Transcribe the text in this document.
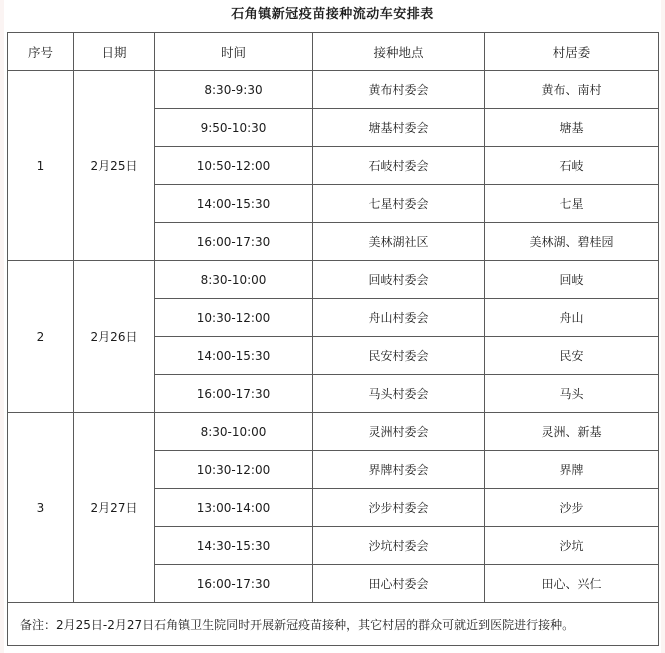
石角镇新冠疫苗接种流动车安排表
序号	日期	时间	接种地点	村居委
1	2月25日	8:30-9:30	黄布村委会	黄布、南村
		9:50-10:30	塘基村委会	塘基
		10:50-12:00	石岐村委会	石岐
		14:00-15:30	七星村委会	七星
		16:00-17:30	美林湖社区	美林湖、碧桂园
2	2月26日	8:30-10:00	回岐村委会	回岐
		10:30-12:00	舟山村委会	舟山
		14:00-15:30	民安村委会	民安
		16:00-17:30	马头村委会	马头
3	2月27日	8:30-10:00	灵洲村委会	灵洲、新基
		10:30-12:00	界牌村委会	界牌
		13:00-14:00	沙步村委会	沙步
		14:30-15:30	沙坑村委会	沙坑
		16:00-17:30	田心村委会	田心、兴仁
备注：2月25日-2月27日石角镇卫生院同时开展新冠疫苗接种，其它村居的群众可就近到医院进行接种。				
